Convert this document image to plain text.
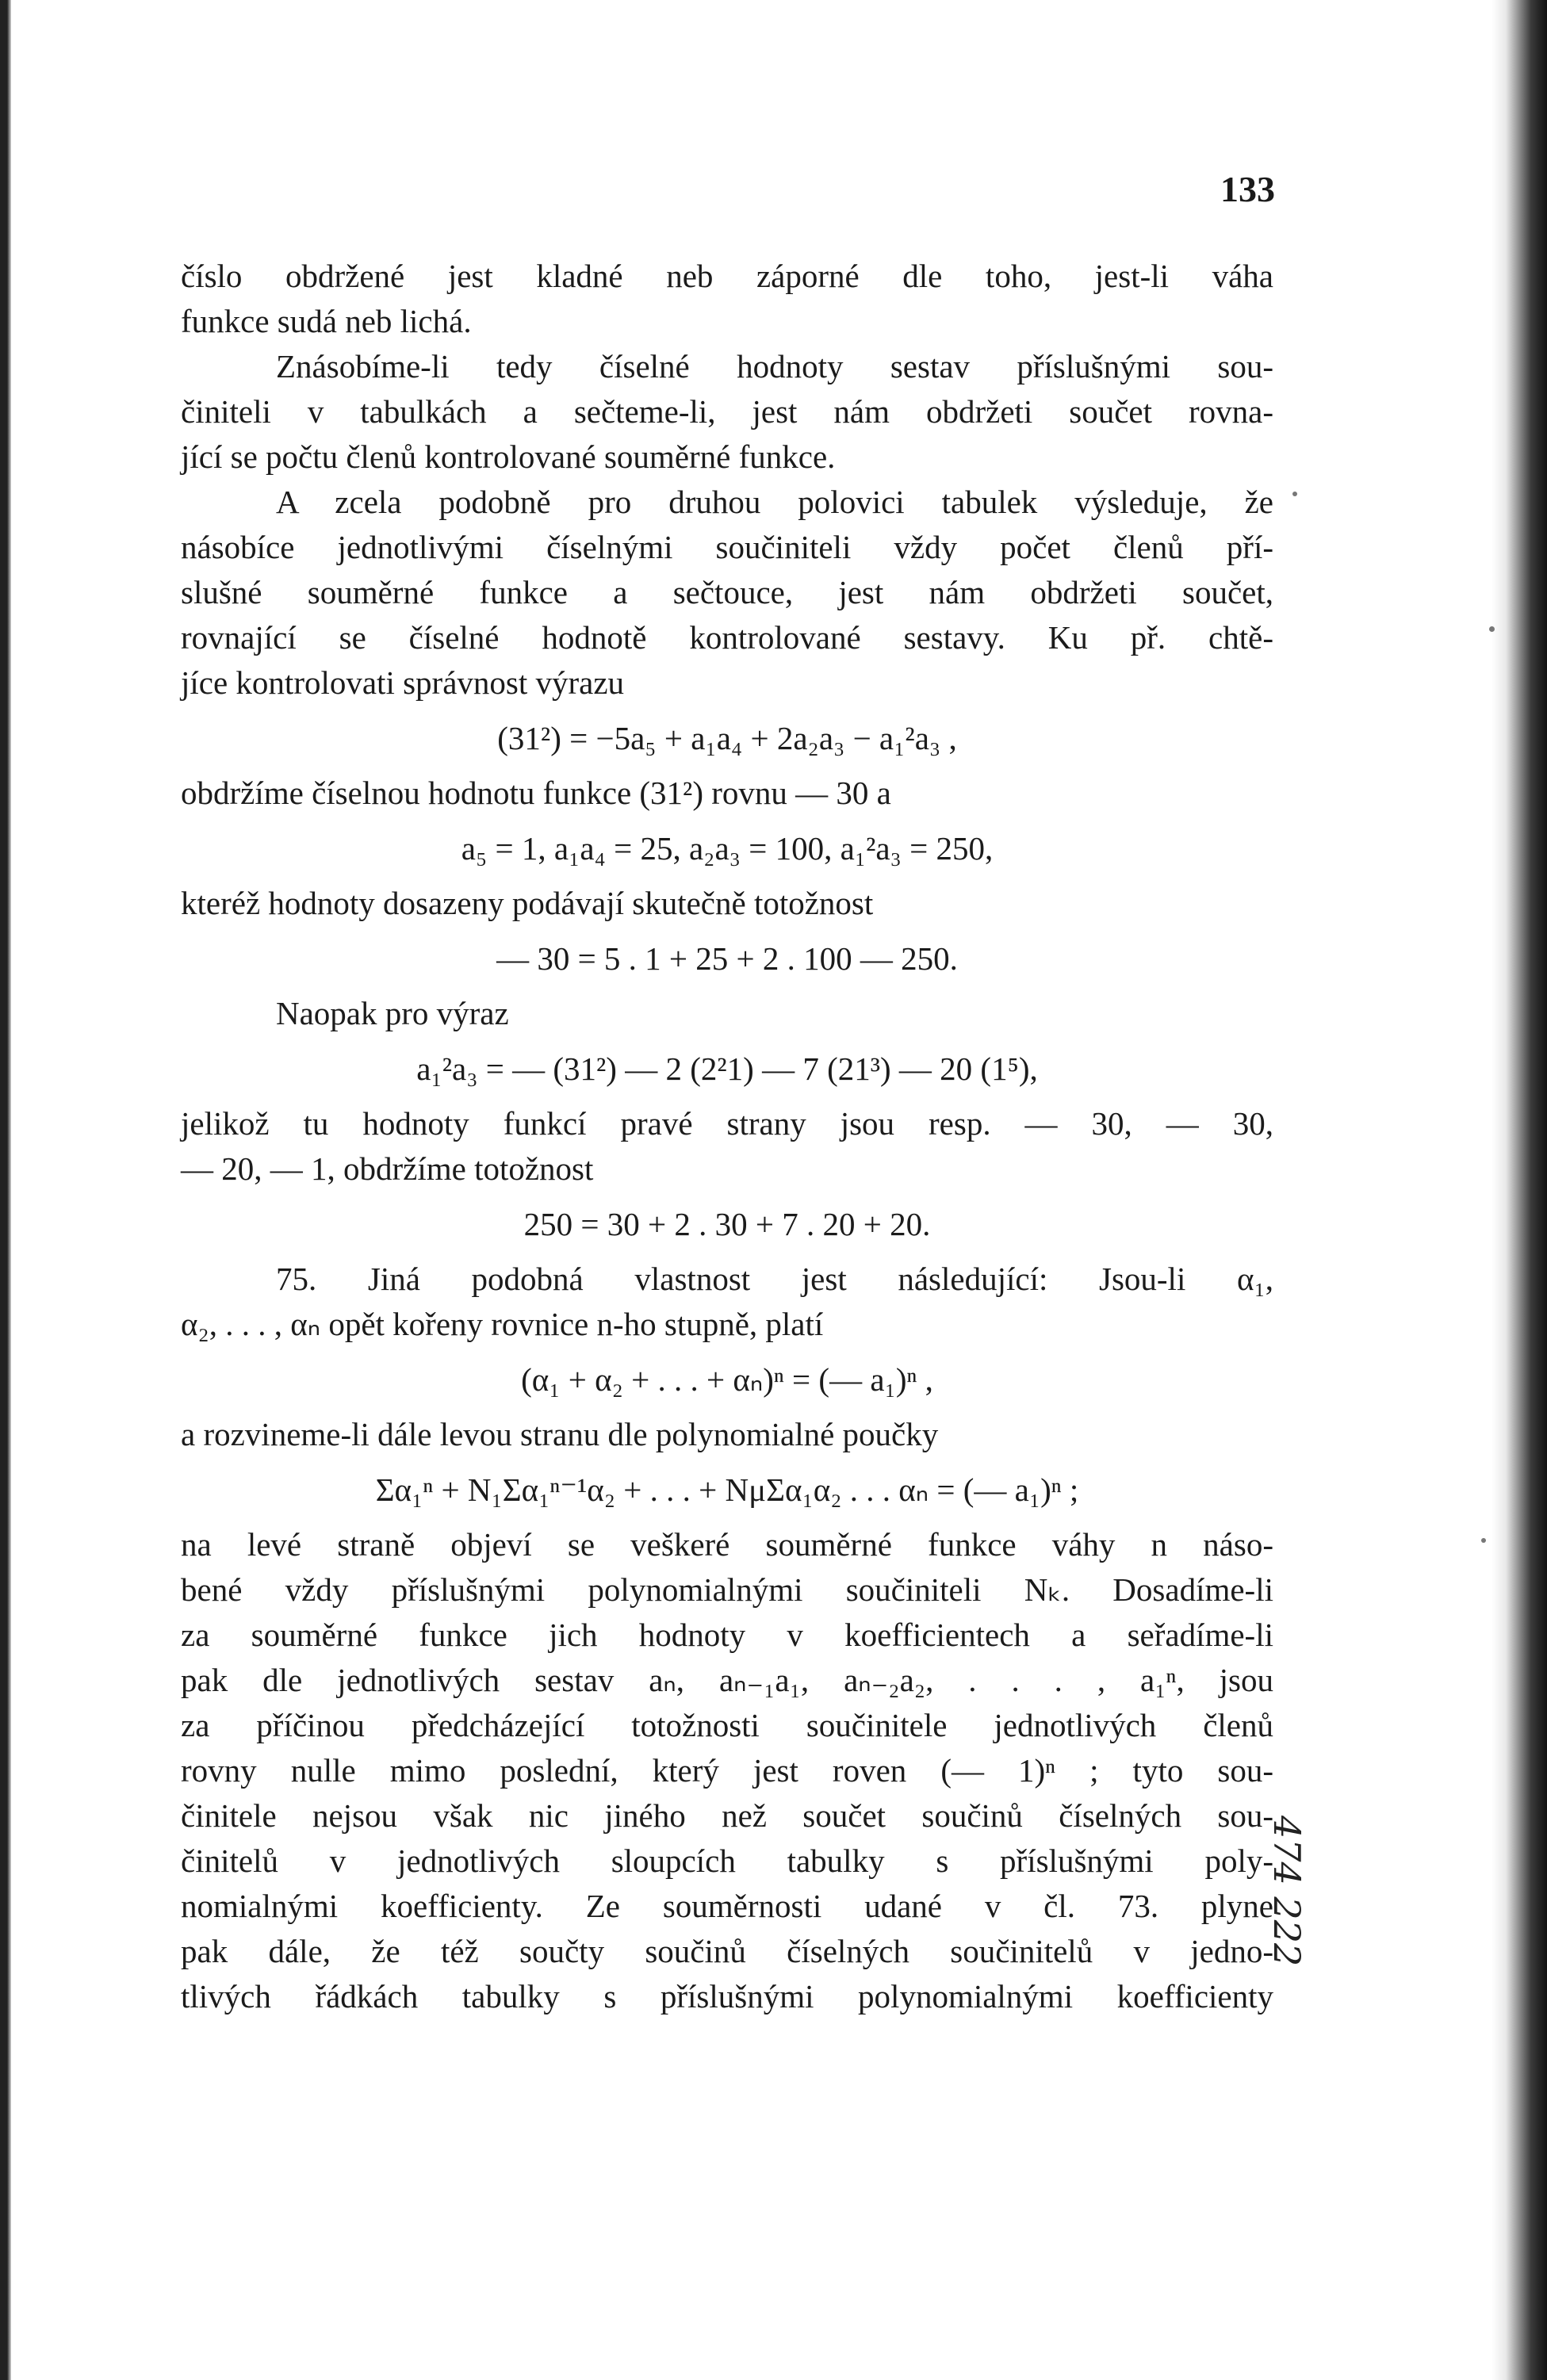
133
číslo obdržené jest kladné neb záporné dle toho, jest-li váha
funkce sudá neb lichá.
Znásobíme-li tedy číselné hodnoty sestav příslušnými sou-
činiteli v tabulkách a sečteme-li, jest nám obdržeti součet rovna-
jící se počtu členů kontrolované souměrné funkce.
A zcela podobně pro druhou polovici tabulek výsleduje, že
násobíce jednotlivými číselnými součiniteli vždy počet členů pří-
slušné souměrné funkce a sečtouce, jest nám obdržeti součet,
rovnající se číselné hodnotě kontrolované sestavy. Ku př. chtě-
jíce kontrolovati správnost výrazu
(31²) = −5a₅ + a₁a₄ + 2a₂a₃ − a₁²a₃ ,
obdržíme číselnou hodnotu funkce (31²) rovnu — 30 a
a₅ = 1, a₁a₄ = 25, a₂a₃ = 100, a₁²a₃ = 250,
kteréž hodnoty dosazeny podávají skutečně totožnost
— 30 = 5 . 1 + 25 + 2 . 100 — 250.
Naopak pro výraz
a₁²a₃ = — (31²) — 2 (2²1) — 7 (21³) — 20 (1⁵),
jelikož tu hodnoty funkcí pravé strany jsou resp. — 30, — 30,
— 20, — 1, obdržíme totožnost
250 = 30 + 2 . 30 + 7 . 20 + 20.
75. Jiná podobná vlastnost jest následující: Jsou-li α₁,
α₂, . . . , αₙ opět kořeny rovnice n-ho stupně, platí
(α₁ + α₂ + . . . + αₙ)ⁿ = (— a₁)ⁿ ,
a rozvineme-li dále levou stranu dle polynomialné poučky
Σα₁ⁿ + N₁Σα₁ⁿ⁻¹α₂ + . . . + NμΣα₁α₂ . . . αₙ = (— a₁)ⁿ ;
na levé straně objeví se veškeré souměrné funkce váhy n náso-
bené vždy příslušnými polynomialnými součiniteli Nₖ. Dosadíme-li
za souměrné funkce jich hodnoty v koefficientech a seřadíme-li
pak dle jednotlivých sestav aₙ, aₙ₋₁a₁, aₙ₋₂a₂, . . . , a₁ⁿ, jsou
za příčinou předcházející totožnosti součinitele jednotlivých členů
rovny nulle mimo poslední, který jest roven (— 1)ⁿ ; tyto sou-
činitele nejsou však nic jiného než součet součinů číselných sou-
činitelů v jednotlivých sloupcích tabulky s příslušnými poly-
nomialnými koefficienty. Ze souměrnosti udané v čl. 73. plyne
pak dále, že též součty součinů číselných součinitelů v jedno-
tlivých řádkách tabulky s příslušnými polynomialnými koefficienty
474 222
